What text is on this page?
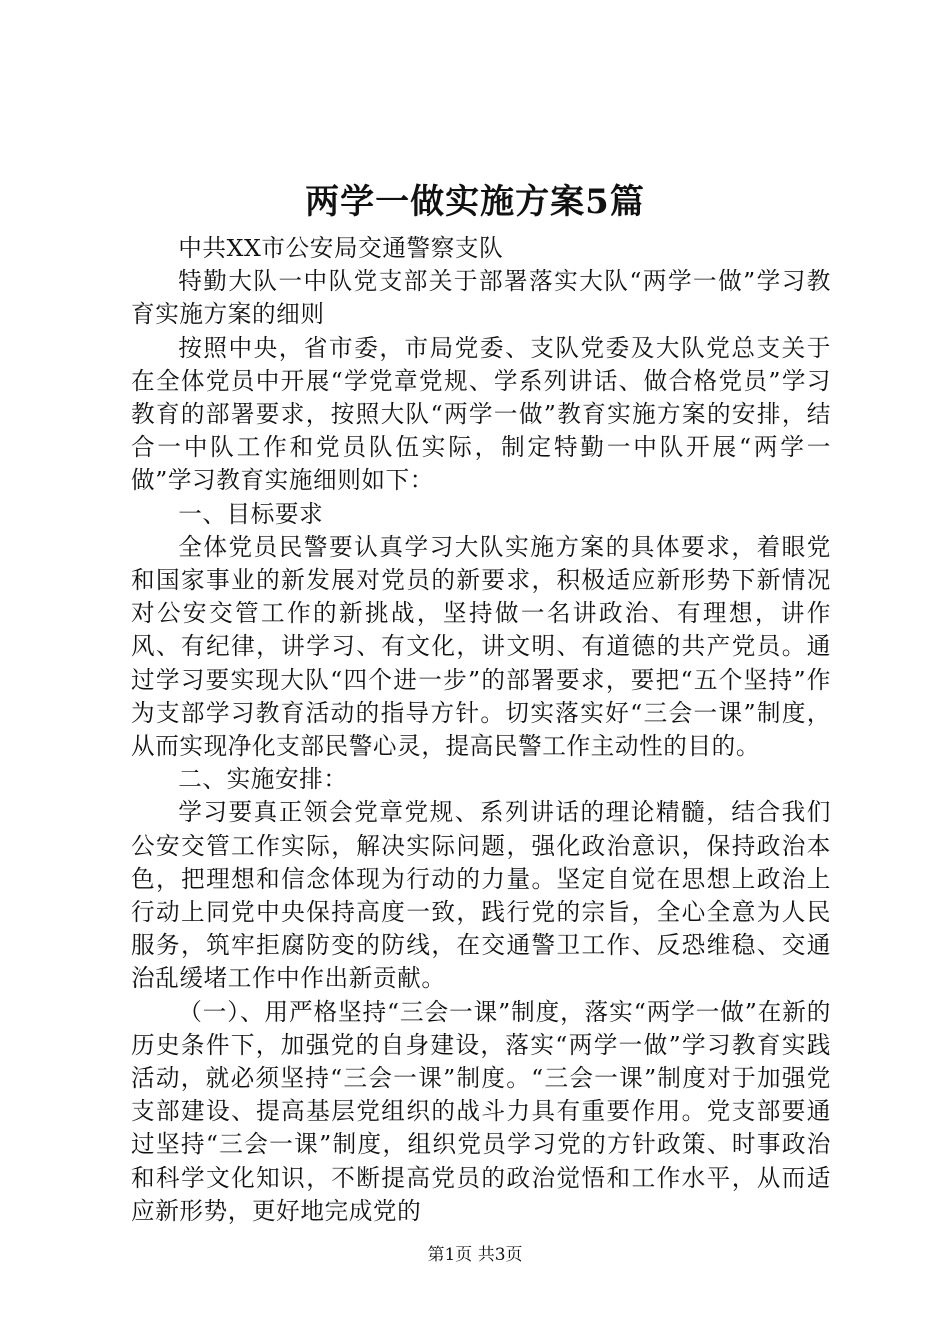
两学一做实施方案5篇

中共XX市公安局交通警察支队

特勤大队一中队党支部关于部署落实大队“两学一做”学习教育实施方案的细则

按照中央，省市委，市局党委、支队党委及大队党总支关于在全体党员中开展“学党章党规、学系列讲话、做合格党员”学习教育的部署要求，按照大队“两学一做”教育实施方案的安排，结合一中队工作和党员队伍实际，制定特勤一中队开展“两学一做”学习教育实施细则如下：

一、目标要求

全体党员民警要认真学习大队实施方案的具体要求，着眼党和国家事业的新发展对党员的新要求，积极适应新形势下新情况对公安交管工作的新挑战，坚持做一名讲政治、有理想，讲作风、有纪律，讲学习、有文化，讲文明、有道德的共产党员。通过学习要实现大队“四个进一步”的部署要求，要把“五个坚持”作为支部学习教育活动的指导方针。切实落实好“三会一课”制度，从而实现净化支部民警心灵，提高民警工作主动性的目的。

二、实施安排：

学习要真正领会党章党规、系列讲话的理论精髓，结合我们公安交管工作实际，解决实际问题，强化政治意识，保持政治本色，把理想和信念体现为行动的力量。坚定自觉在思想上政治上行动上同党中央保持高度一致，践行党的宗旨，全心全意为人民服务，筑牢拒腐防变的防线，在交通警卫工作、反恐维稳、交通治乱缓堵工作中作出新贡献。

（一）、用严格坚持“三会一课”制度，落实“两学一做”在新的历史条件下，加强党的自身建设，落实“两学一做”学习教育实践活动，就必须坚持“三会一课”制度。“三会一课”制度对于加强党支部建设、提高基层党组织的战斗力具有重要作用。党支部要通过坚持“三会一课”制度，组织党员学习党的方针政策、时事政治和科学文化知识，不断提高党员的政治觉悟和工作水平，从而适应新形势，更好地完成党的

第1页 共3页
